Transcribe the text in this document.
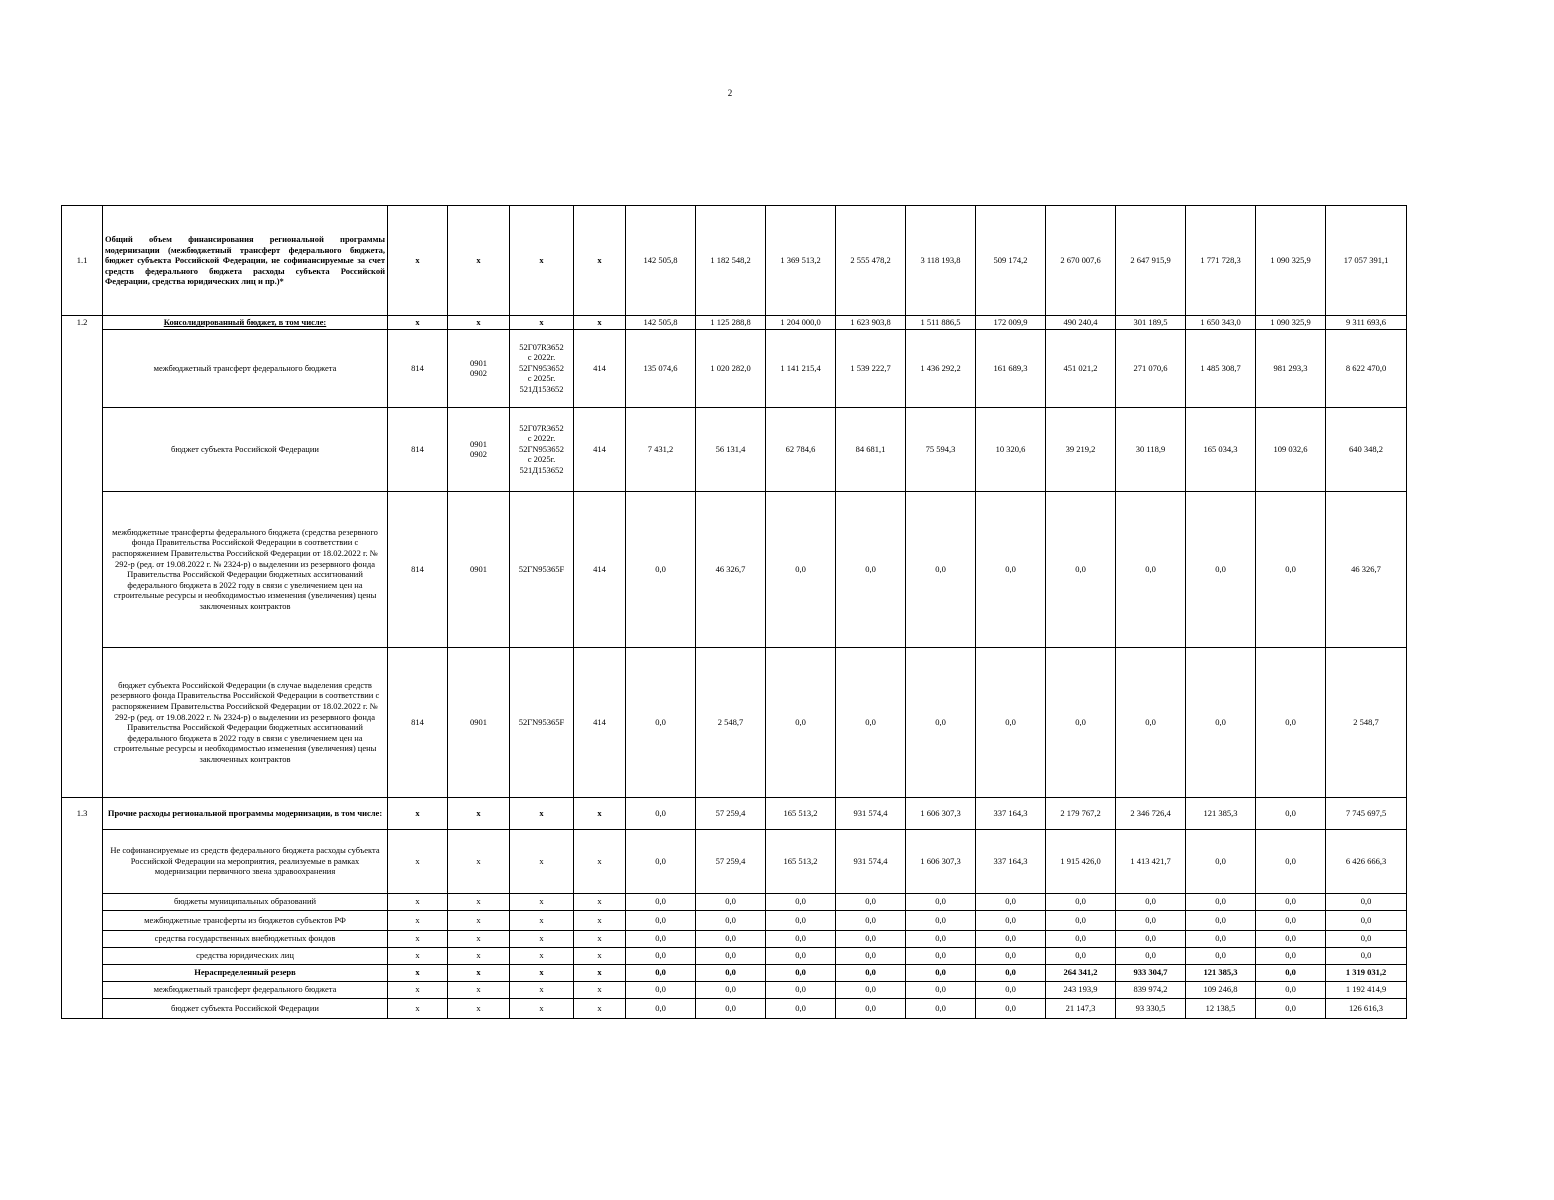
2
1.1	Общий объем финансирования региональной программы модернизации (межбюджетный трансферт федерального бюджета, бюджет субъекта Российской Федерации, не софинансируемые за счет средств федерального бюджета расходы субъекта Российской Федерации, средства юридических лиц и пр.)*	x	x	x	x	142 505,8	1 182 548,2	1 369 513,2	2 555 478,2	3 118 193,8	509 174,2	2 670 007,6	2 647 915,9	1 771 728,3	1 090 325,9	17 057 391,1
1.2	Консолидированный бюджет, в том числе:	x	x	x	x	142 505,8	1 125 288,8	1 204 000,0	1 623 903,8	1 511 886,5	172 009,9	490 240,4	301 189,5	1 650 343,0	1 090 325,9	9 311 693,6
	межбюджетный трансферт федерального бюджета	814	0901
0902	52Г07R3652
с 2022г.
52ГN953652
с 2025г.
521Д153652	414	135 074,6	1 020 282,0	1 141 215,4	1 539 222,7	1 436 292,2	161 689,3	451 021,2	271 070,6	1 485 308,7	981 293,3	8 622 470,0
	бюджет субъекта Российской Федерации	814	0901
0902	52Г07R3652
с 2022г.
52ГN953652
с 2025г.
521Д153652	414	7 431,2	56 131,4	62 784,6	84 681,1	75 594,3	10 320,6	39 219,2	30 118,9	165 034,3	109 032,6	640 348,2
	межбюджетные трансферты федерального бюджета (средства резервного фонда Правительства Российской Федерации в соответствии с распоряжением Правительства Российской Федерации от 18.02.2022 г. № 292-р (ред. от 19.08.2022 г. № 2324-р) о выделении из резервного фонда Правительства Российской Федерации бюджетных ассигнований федерального бюджета в 2022 году в связи с увеличением цен на строительные ресурсы и необходимостью изменения (увеличения) цены заключенных контрактов	814	0901	52ГN95365F	414	0,0	46 326,7	0,0	0,0	0,0	0,0	0,0	0,0	0,0	0,0	46 326,7
	бюджет субъекта Российской Федерации (в случае выделения средств резервного фонда Правительства Российской Федерации в соответствии с распоряжением Правительства Российской Федерации от 18.02.2022 г. № 292-р (ред. от 19.08.2022 г. № 2324-р) о выделении из резервного фонда Правительства Российской Федерации бюджетных ассигнований федерального бюджета в 2022 году в связи с увеличением цен на строительные ресурсы и необходимостью изменения (увеличения) цены заключенных контрактов	814	0901	52ГN95365F	414	0,0	2 548,7	0,0	0,0	0,0	0,0	0,0	0,0	0,0	0,0	2 548,7
1.3	Прочие расходы региональной программы модернизации, в том числе:	x	x	x	x	0,0	57 259,4	165 513,2	931 574,4	1 606 307,3	337 164,3	2 179 767,2	2 346 726,4	121 385,3	0,0	7 745 697,5
	Не софинансируемые из средств федерального бюджета расходы субъекта Российской Федерации на мероприятия, реализуемые в рамках модернизации первичного звена здравоохранения	x	x	x	x	0,0	57 259,4	165 513,2	931 574,4	1 606 307,3	337 164,3	1 915 426,0	1 413 421,7	0,0	0,0	6 426 666,3
	бюджеты муниципальных образований	x	x	x	x	0,0	0,0	0,0	0,0	0,0	0,0	0,0	0,0	0,0	0,0	0,0
	межбюджетные трансферты из бюджетов субъектов РФ	x	x	x	x	0,0	0,0	0,0	0,0	0,0	0,0	0,0	0,0	0,0	0,0	0,0
	средства государственных внебюджетных фондов	x	x	x	x	0,0	0,0	0,0	0,0	0,0	0,0	0,0	0,0	0,0	0,0	0,0
	средства юридических лиц	x	x	x	x	0,0	0,0	0,0	0,0	0,0	0,0	0,0	0,0	0,0	0,0	0,0
	Нераспределенный резерв	x	x	x	x	0,0	0,0	0,0	0,0	0,0	0,0	264 341,2	933 304,7	121 385,3	0,0	1 319 031,2
	межбюджетный трансферт федерального бюджета	x	x	x	x	0,0	0,0	0,0	0,0	0,0	0,0	243 193,9	839 974,2	109 246,8	0,0	1 192 414,9
	бюджет субъекта Российской Федерации	x	x	x	x	0,0	0,0	0,0	0,0	0,0	0,0	21 147,3	93 330,5	12 138,5	0,0	126 616,3
